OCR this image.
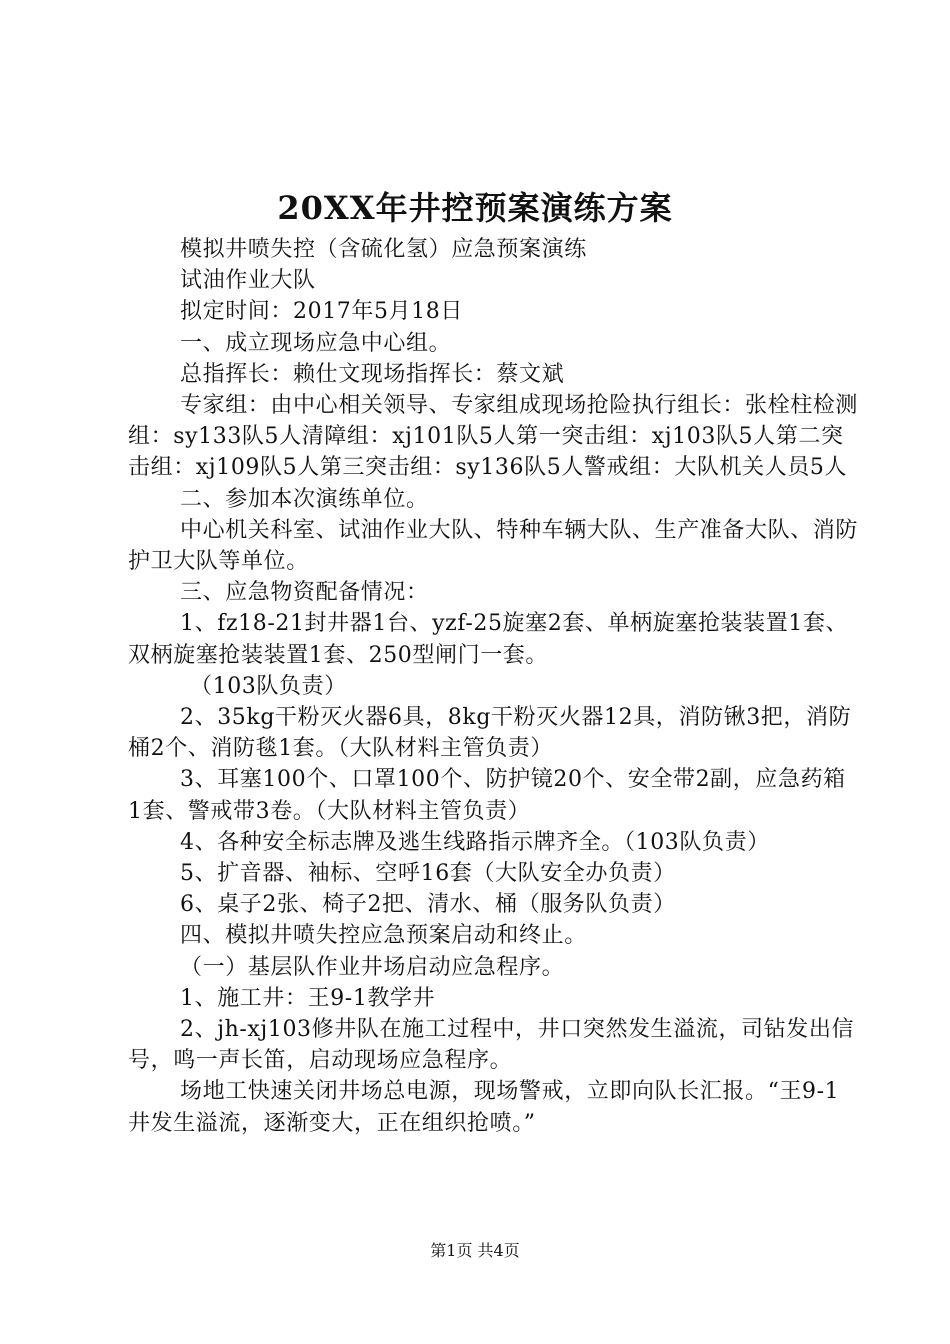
20XX年井控预案演练方案

模拟井喷失控（含硫化氢）应急预案演练

试油作业大队

拟定时间：2017年5月18日

一、成立现场应急中心组。

总指挥长：赖仕文现场指挥长：蔡文斌

专家组：由中心相关领导、专家组成现场抢险执行组长：张栓柱检测组：sy133队5人清障组：xj101队5人第一突击组：xj103队5人第二突击组：xj109队5人第三突击组：sy136队5人警戒组：大队机关人员5人

二、参加本次演练单位。

中心机关科室、试油作业大队、特种车辆大队、生产准备大队、消防护卫大队等单位。

三、应急物资配备情况：

1、fz18-21封井器1台、yzf-25旋塞2套、单柄旋塞抢装装置1套、双柄旋塞抢装装置1套、250型闸门一套。

（103队负责）

2、35kg干粉灭火器6具，8kg干粉灭火器12具，消防锹3把，消防桶2个、消防毯1套。（大队材料主管负责）

3、耳塞100个、口罩100个、防护镜20个、安全带2副，应急药箱1套、警戒带3卷。（大队材料主管负责）

4、各种安全标志牌及逃生线路指示牌齐全。（103队负责）

5、扩音器、袖标、空呼16套（大队安全办负责）

6、桌子2张、椅子2把、清水、桶（服务队负责）

四、模拟井喷失控应急预案启动和终止。

（一）基层队作业井场启动应急程序。

1、施工井：王9-1教学井

2、jh-xj103修井队在施工过程中，井口突然发生溢流，司钻发出信号，鸣一声长笛，启动现场应急程序。

场地工快速关闭井场总电源，现场警戒，立即向队长汇报。“王9-1井发生溢流，逐渐变大，正在组织抢喷。”

第1页 共4页
